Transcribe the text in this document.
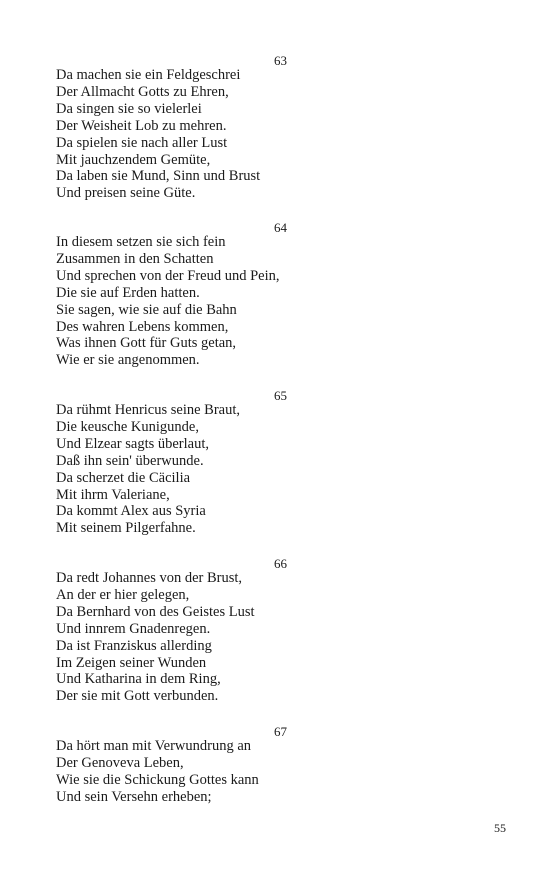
63
Da machen sie ein Feldgeschrei
Der Allmacht Gotts zu Ehren,
Da singen sie so vielerlei
Der Weisheit Lob zu mehren.
Da spielen sie nach aller Lust
Mit jauchzendem Gemüte,
Da laben sie Mund, Sinn und Brust
Und preisen seine Güte.
64
In diesem setzen sie sich fein
Zusammen in den Schatten
Und sprechen von der Freud und Pein,
Die sie auf Erden hatten.
Sie sagen, wie sie auf die Bahn
Des wahren Lebens kommen,
Was ihnen Gott für Guts getan,
Wie er sie angenommen.
65
Da rühmt Henricus seine Braut,
Die keusche Kunigunde,
Und Elzear sagts überlaut,
Daß ihn sein' überwunde.
Da scherzet die Cäcilia
Mit ihrm Valeriane,
Da kommt Alex aus Syria
Mit seinem Pilgerfahne.
66
Da redt Johannes von der Brust,
An der er hier gelegen,
Da Bernhard von des Geistes Lust
Und innrem Gnadenregen.
Da ist Franziskus allerding
Im Zeigen seiner Wunden
Und Katharina in dem Ring,
Der sie mit Gott verbunden.
67
Da hört man mit Verwundrung an
Der Genoveva Leben,
Wie sie die Schickung Gottes kann
Und sein Versehn erheben;
55
